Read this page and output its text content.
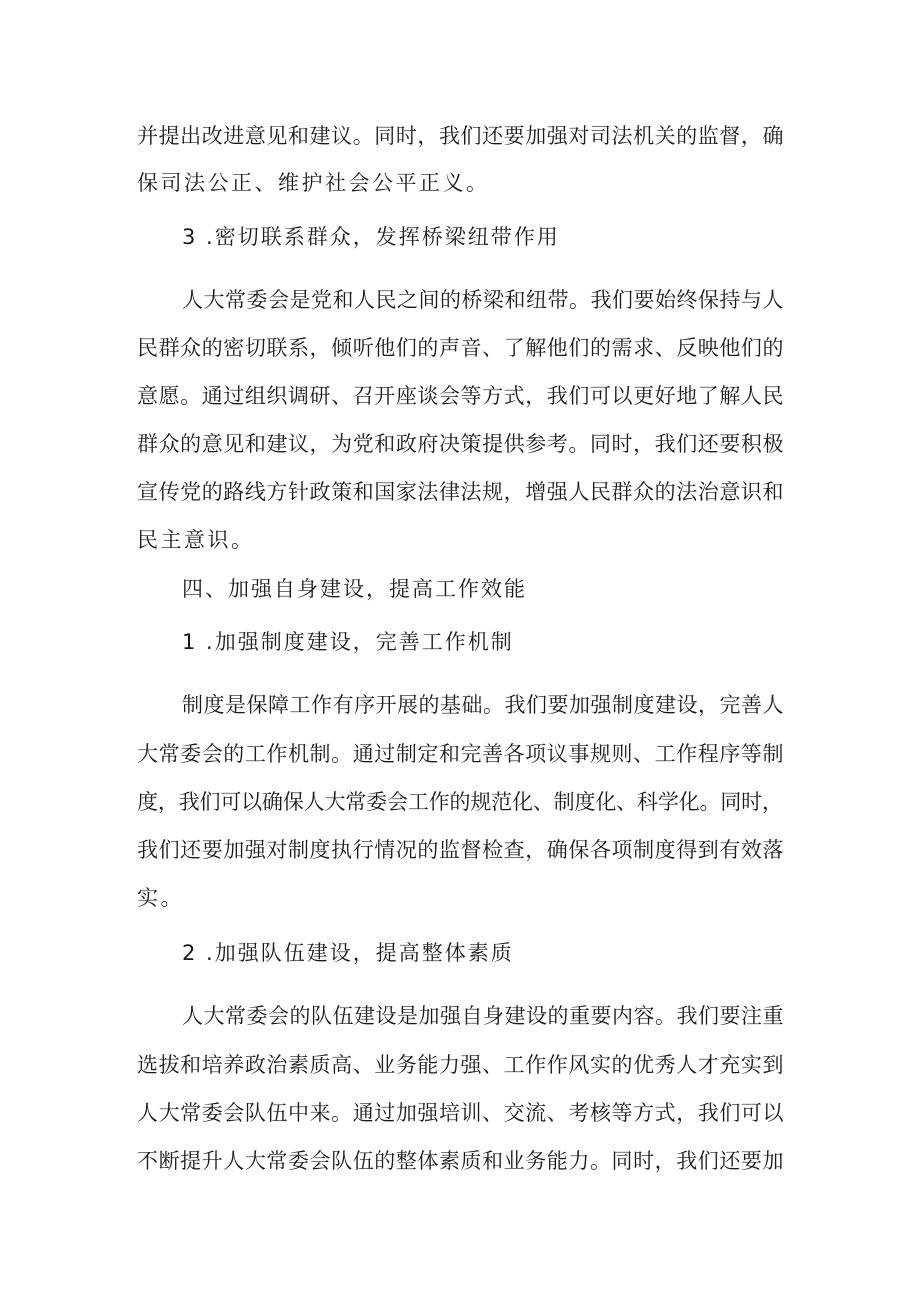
并提出改进意见和建议。同时，我们还要加强对司法机关的监督，确
保司法公正、维护社会公平正义。
3 .密切联系群众，发挥桥梁纽带作用
人大常委会是党和人民之间的桥梁和纽带。我们要始终保持与人
民群众的密切联系，倾听他们的声音、了解他们的需求、反映他们的
意愿。通过组织调研、召开座谈会等方式，我们可以更好地了解人民
群众的意见和建议，为党和政府决策提供参考。同时，我们还要积极
宣传党的路线方针政策和国家法律法规，增强人民群众的法治意识和
民主意识。
四、加强自身建设，提高工作效能
1 .加强制度建设，完善工作机制
制度是保障工作有序开展的基础。我们要加强制度建设，完善人
大常委会的工作机制。通过制定和完善各项议事规则、工作程序等制
度，我们可以确保人大常委会工作的规范化、制度化、科学化。同时，
我们还要加强对制度执行情况的监督检查，确保各项制度得到有效落
实。
2 .加强队伍建设，提高整体素质
人大常委会的队伍建设是加强自身建设的重要内容。我们要注重
选拔和培养政治素质高、业务能力强、工作作风实的优秀人才充实到
人大常委会队伍中来。通过加强培训、交流、考核等方式，我们可以
不断提升人大常委会队伍的整体素质和业务能力。同时，我们还要加
